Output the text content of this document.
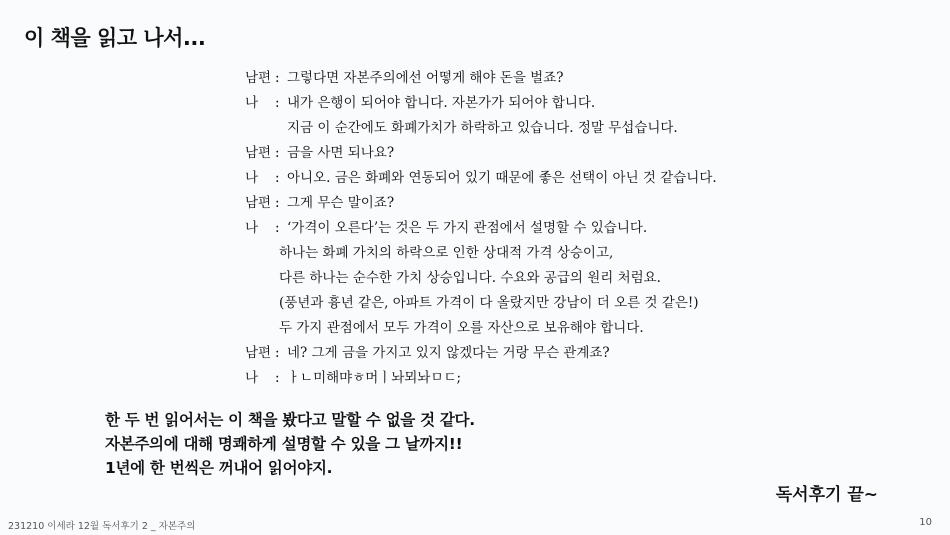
이 책을 읽고 나서...
남편 : 그렇다면 자본주의에선 어떻게 해야 돈을 벌죠?
나	: 내가 은행이 되어야 합니다. 자본가가 되어야 합니다.
지금 이 순간에도 화폐가치가 하락하고 있습니다. 정말 무섭습니다.
남편 : 금을 사면 되나요?
나	: 아니오. 금은 화폐와 연동되어 있기 때문에 좋은 선택이 아닌 것 같습니다.
남편 : 그게 무슨 말이죠?
나	: ‘가격이 오른다’는 것은 두 가지 관점에서 설명할 수 있습니다.
하나는 화폐 가치의 하락으로 인한 상대적 가격 상승이고,
다른 하나는 순수한 가치 상승입니다. 수요와 공급의 원리 처럼요.
(풍년과 흉년 같은, 아파트 가격이 다 올랐지만 강남이 더 오른 것 같은!)
두 가지 관점에서 모두 가격이 오를 자산으로 보유해야 합니다.
남편 : 네? 그게 금을 가지고 있지 않겠다는 거랑 무슨 관계죠?
나	: ㅏㄴ미해먀ㅎ머ㅣ놔뫼놔ㅁㄷ;
한 두 번 읽어서는 이 책을 봤다고 말할 수 없을 것 같다.
자본주의에 대해 명쾌하게 설명할 수 있을 그 날까지!!
1년에 한 번씩은 꺼내어 읽어야지.
독서후기 끝~
231210 이세라 12월 독서후기 2 _ 자본주의	10
